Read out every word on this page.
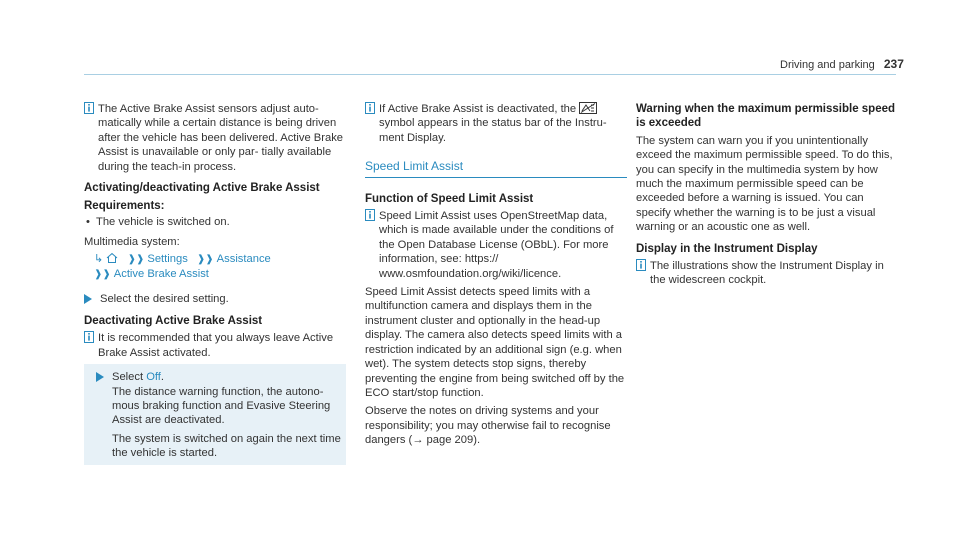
Driving and parking 237

The Active Brake Assist sensors adjust auto- matically while a certain distance is being driven after the vehicle has been delivered. Active Brake Assist is unavailable or only par- tially available during the teach-in process.

Activating/deactivating Active Brake Assist
Requirements:

• The vehicle is switched on.

Multimedia system:

↳ ❱❱ Settings ❱❱ Assistance
❱❱ Active Brake Assist

Select the desired setting.

Deactivating Active Brake Assist

It is recommended that you always leave Active Brake Assist activated.

Select Off.

The distance warning function, the autono- mous braking function and Evasive Steering Assist are deactivated.

The system is switched on again the next time the vehicle is started.

If Active Brake Assist is deactivated, the  symbol appears in the status bar of the Instru- ment Display.

Speed Limit Assist
Function of Speed Limit Assist

Speed Limit Assist uses OpenStreetMap data, which is made available under the conditions of the Open Database License (OBbL). For more information, see: https:// www.osmfoundation.org/wiki/licence.

Speed Limit Assist detects speed limits with a multifunction camera and displays them in the instrument cluster and optionally in the head-up display. The camera also detects speed limits with a restriction indicated by an additional sign (e.g. when wet). The system detects stop signs, thereby preventing the engine from being switched off by the ECO start/stop function.

Observe the notes on driving systems and your responsibility; you may otherwise fail to recognise dangers (→ page 209).

Warning when the maximum permissible speed is exceeded

The system can warn you if you unintentionally exceed the maximum permissible speed. To do this, you can specify in the multimedia system by how much the maximum permissible speed can be exceeded before a warning is issued. You can specify whether the warning is to be just a visual warning or an acoustic one as well.

Display in the Instrument Display

The illustrations show the Instrument Display in the widescreen cockpit.
